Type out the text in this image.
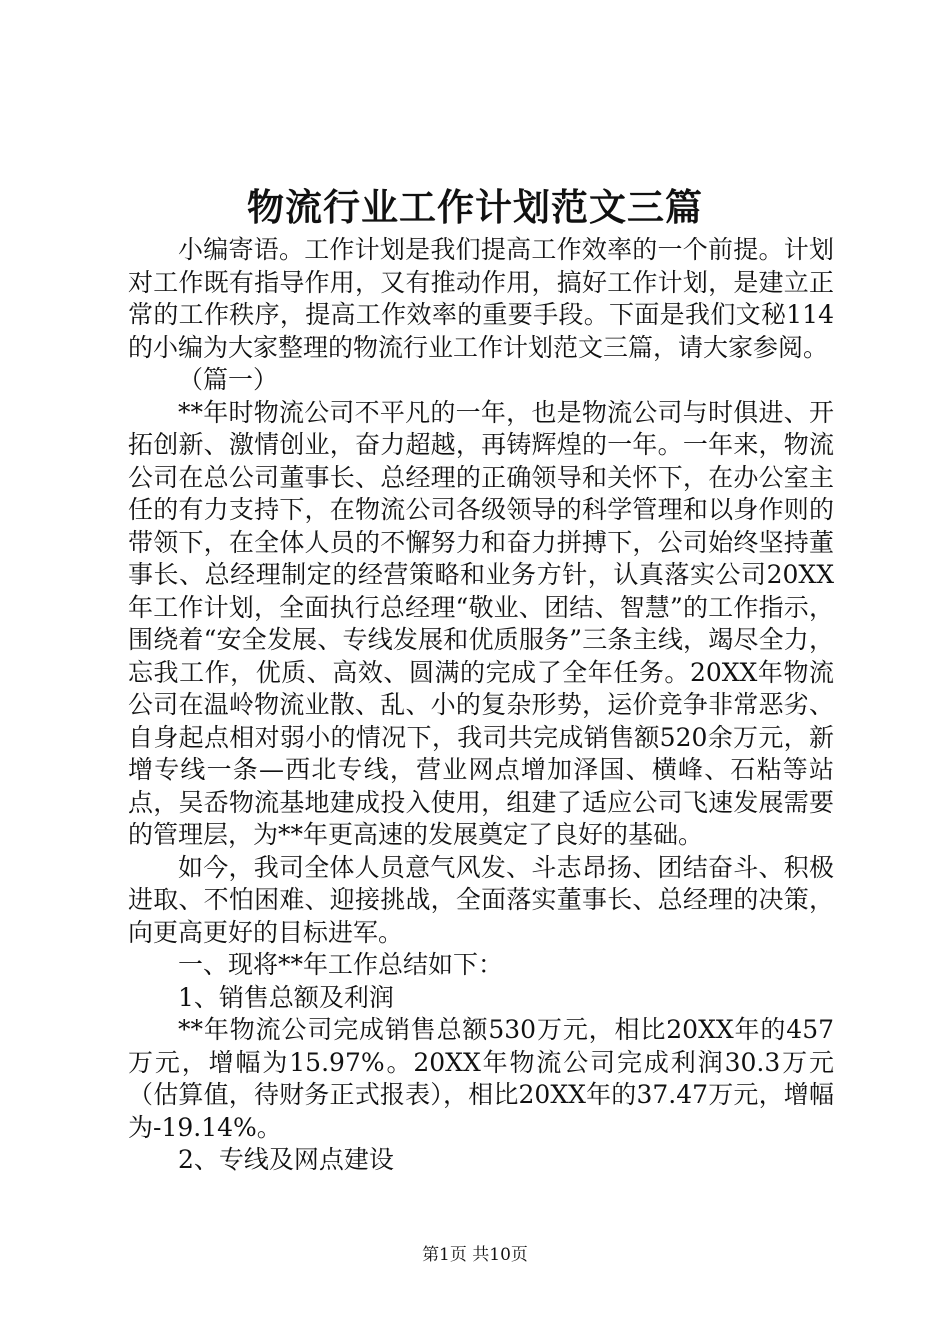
物流行业工作计划范文三篇

小编寄语。工作计划是我们提高工作效率的一个前提。计划对工作既有指导作用，又有推动作用，搞好工作计划，是建立正常的工作秩序，提高工作效率的重要手段。下面是我们文秘114的小编为大家整理的物流行业工作计划范文三篇，请大家参阅。

（篇一）

**年时物流公司不平凡的一年，也是物流公司与时俱进、开拓创新、激情创业，奋力超越，再铸辉煌的一年。一年来，物流公司在总公司董事长、总经理的正确领导和关怀下，在办公室主任的有力支持下，在物流公司各级领导的科学管理和以身作则的带领下，在全体人员的不懈努力和奋力拼搏下，公司始终坚持董事长、总经理制定的经营策略和业务方针，认真落实公司20XX年工作计划，全面执行总经理“敬业、团结、智慧”的工作指示，围绕着“安全发展、专线发展和优质服务”三条主线，竭尽全力，忘我工作，优质、高效、圆满的完成了全年任务。20XX年物流公司在温岭物流业散、乱、小的复杂形势，运价竞争非常恶劣、自身起点相对弱小的情况下，我司共完成销售额520余万元，新增专线一条—西北专线，营业网点增加泽国、横峰、石粘等站点，吴岙物流基地建成投入使用，组建了适应公司飞速发展需要的管理层，为**年更高速的发展奠定了良好的基础。

如今，我司全体人员意气风发、斗志昂扬、团结奋斗、积极进取、不怕困难、迎接挑战，全面落实董事长、总经理的决策，向更高更好的目标进军。

一、现将**年工作总结如下：

1、销售总额及利润

**年物流公司完成销售总额530万元，相比20XX年的457万元，增幅为15.97%。20XX年物流公司完成利润30.3万元（估算值，待财务正式报表），相比20XX年的37.47万元，增幅为-19.14%。

2、专线及网点建设

第1页 共10页
